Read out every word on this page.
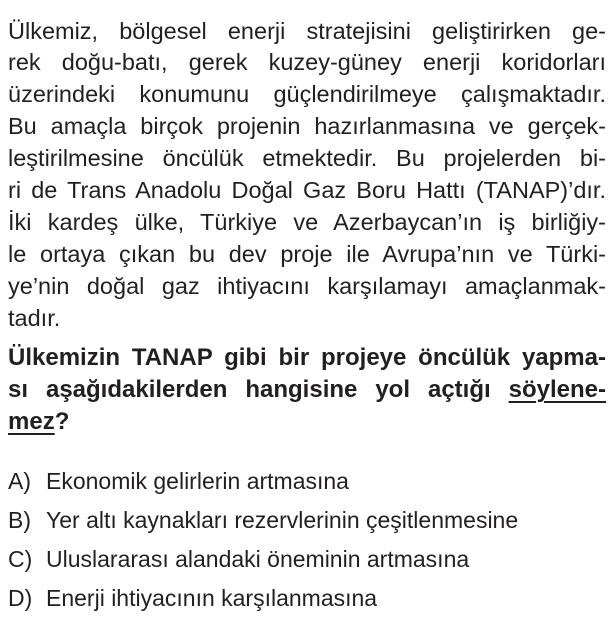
Ülkemiz, bölgesel enerji stratejisini geliştirirken ge-
rek doğu-batı, gerek kuzey-güney enerji koridorları
üzerindeki konumunu güçlendirilmeye çalışmaktadır.
Bu amaçla birçok projenin hazırlanmasına ve gerçek-
leştirilmesine öncülük etmektedir. Bu projelerden bi-
ri de Trans Anadolu Doğal Gaz Boru Hattı (TANAP)’dır.
İki kardeş ülke, Türkiye ve Azerbaycan’ın iş birliğiy-
le ortaya çıkan bu dev proje ile Avrupa’nın ve Türki-
ye’nin doğal gaz ihtiyacını karşılamayı amaçlanmak-
tadır.
Ülkemizin TANAP gibi bir projeye öncülük yapma-
sı aşağıdakilerden hangisine yol açtığı söylene-
mez?
A) Ekonomik gelirlerin artmasına
B) Yer altı kaynakları rezervlerinin çeşitlenmesine
C) Uluslararası alandaki öneminin artmasına
D) Enerji ihtiyacının karşılanmasına
